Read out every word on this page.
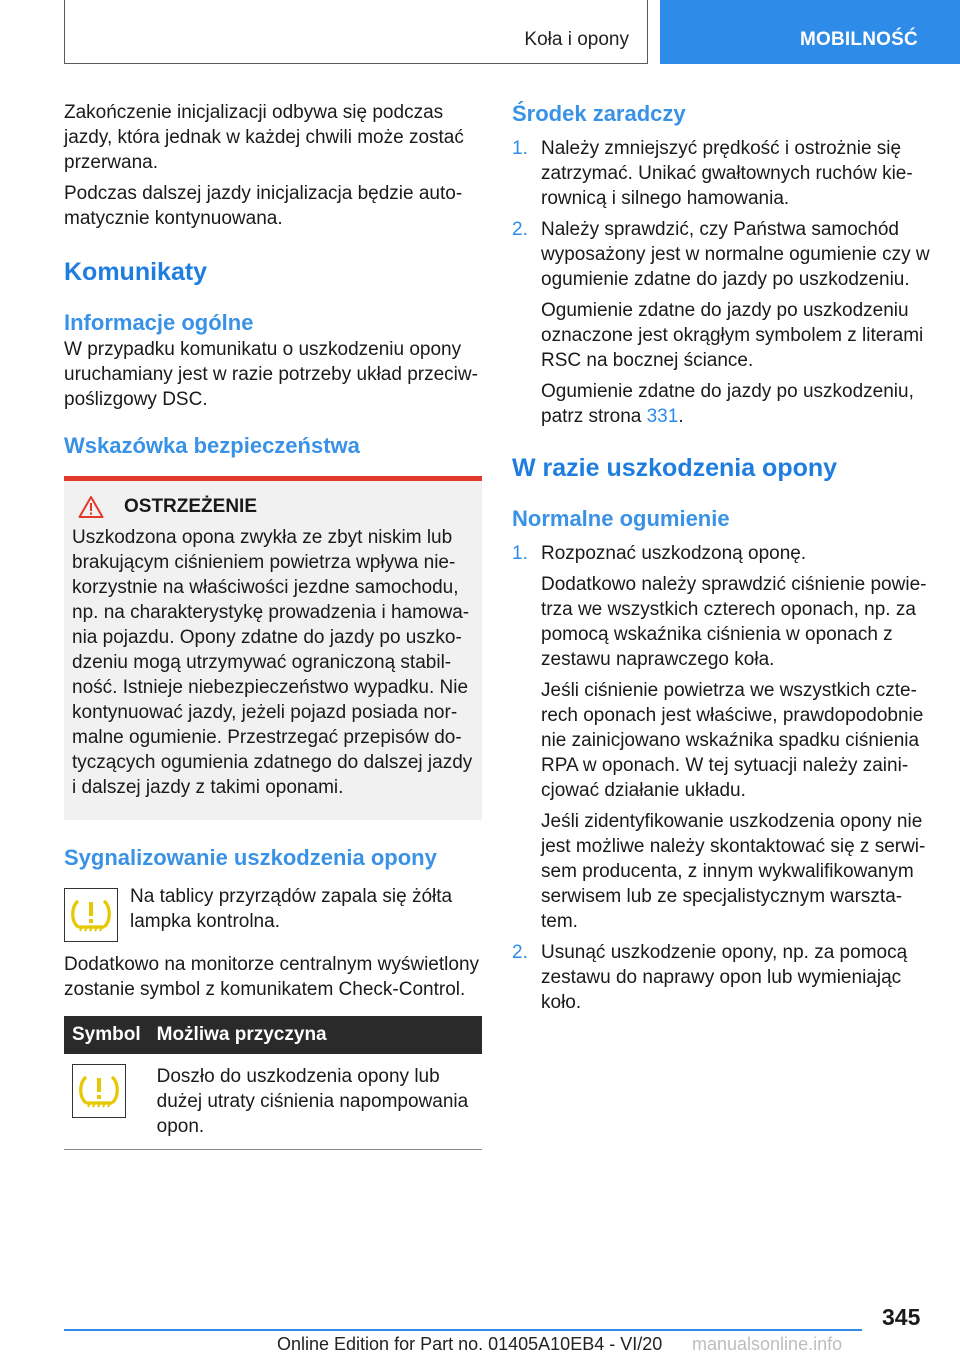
Koła i opony	MOBILNOŚĆ

Zakończenie inicjalizacji odbywa się podczas jazdy, która jednak w każdej chwili może zostać przerwana.

Podczas dalszej jazdy inicjalizacja będzie automatycznie kontynuowana.

Komunikaty
Informacje ogólne

W przypadku komunikatu o uszkodzeniu opony uruchamiany jest w razie potrzeby układ przeciwpoślizgowy DSC.

Wskazówka bezpieczeństwa
OSTRZEŻENIE

Uszkodzona opona zwykła ze zbyt niskim lub brakującym ciśnieniem powietrza wpływa niekorzystnie na właściwości jezdne samochodu, np. na charakterystykę prowadzenia i hamowania pojazdu. Opony zdatne do jazdy po uszkodzeniu mogą utrzymywać ograniczoną stabilność. Istnieje niebezpieczeństwo wypadku. Nie kontynuować jazdy, jeżeli pojazd posiada normalne ogumienie. Przestrzegać przepisów dotyczących ogumienia zdatnego do dalszej jazdy i dalszej jazdy z takimi oponami.

Sygnalizowanie uszkodzenia opony

Na tablicy przyrządów zapala się żółta lampka kontrolna.

Dodatkowo na monitorze centralnym wyświetlony zostanie symbol z komunikatem Check-Control.

Symbol	Możliwa przyczyna

	Doszło do uszkodzenia opony lub dużej utraty ciśnienia napompowania opon.
Środek zaradczy
1. Należy zmniejszyć prędkość i ostrożnie się zatrzymać. Unikać gwałtownych ruchów kierownicą i silnego hamowania.

2. Należy sprawdzić, czy Państwa samochód wyposażony jest w normalne ogumienie czy w ogumienie zdatne do jazdy po uszkodzeniu.

Ogumienie zdatne do jazdy po uszkodzeniu oznaczone jest okrągłym symbolem z literami RSC na bocznej ściance.

Ogumienie zdatne do jazdy po uszkodzeniu, patrz strona 331.

W razie uszkodzenia opony
Normalne ogumienie
1. Rozpoznać uszkodzoną oponę.

Dodatkowo należy sprawdzić ciśnienie powietrza we wszystkich czterech oponach, np. za pomocą wskaźnika ciśnienia w oponach z zestawu naprawczego koła.

Jeśli ciśnienie powietrza we wszystkich czterech oponach jest właściwe, prawdopodobnie nie zainicjowano wskaźnika spadku ciśnienia RPA w oponach. W tej sytuacji należy zainicjować działanie układu.

Jeśli zidentyfikowanie uszkodzenia opony nie jest możliwe należy skontaktować się z serwisem producenta, z innym wykwalifikowanym serwisem lub ze specjalistycznym warsztatem.

2. Usunąć uszkodzenie opony, np. za pomocą zestawu do naprawy opon lub wymieniając koło.

345
Online Edition for Part no. 01405A10EB4 - VI/20 manualsonline.info
